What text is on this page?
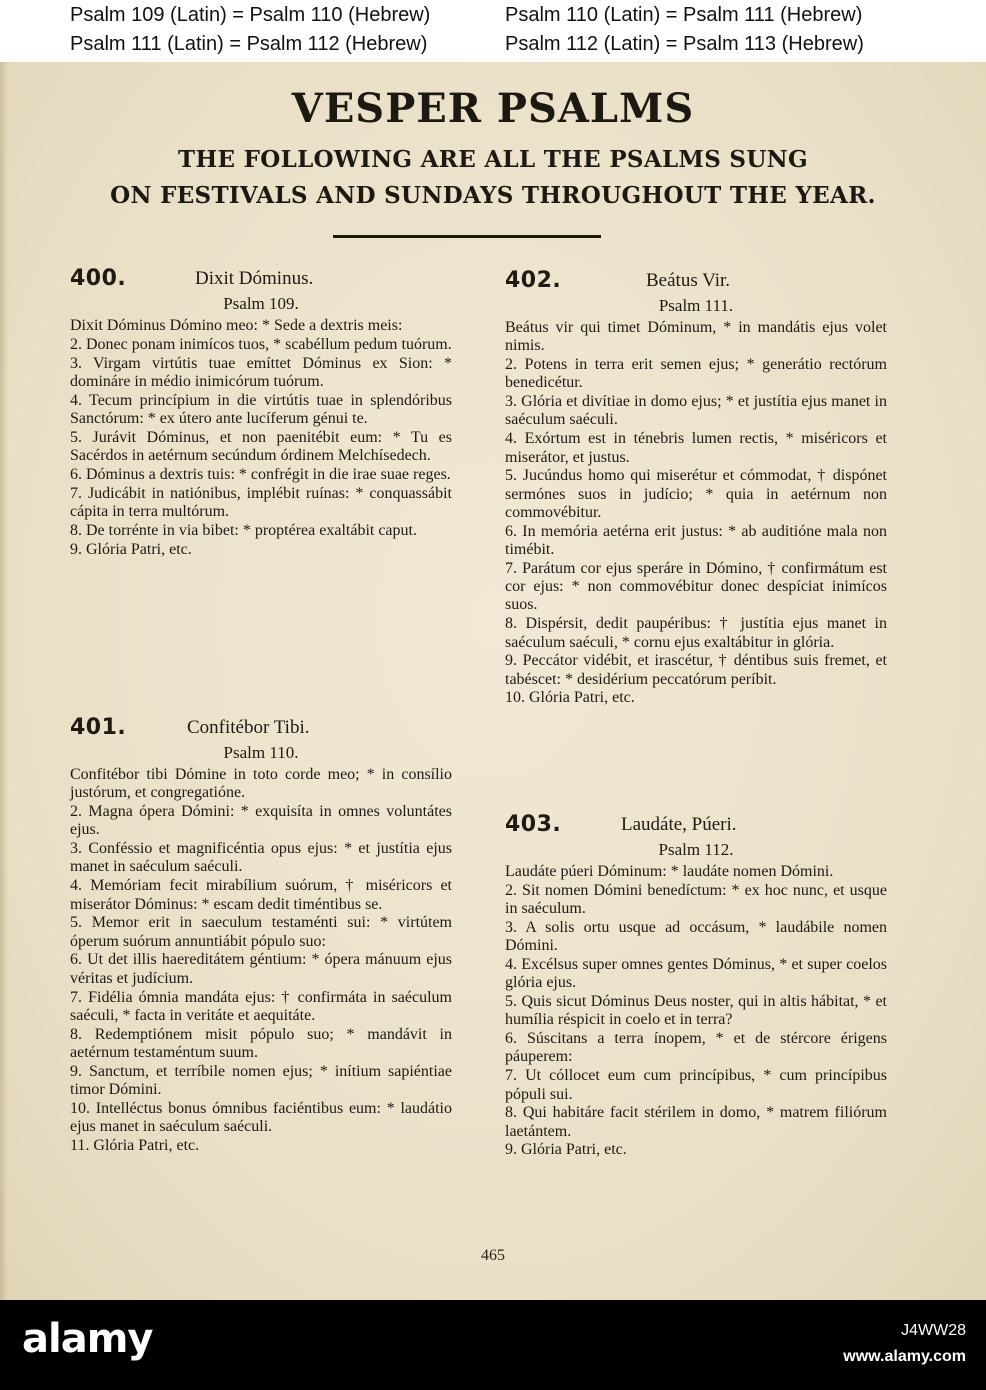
Psalm 109 (Latin) = Psalm 110 (Hebrew)	Psalm 110 (Latin) = Psalm 111 (Hebrew)
Psalm 111 (Latin) = Psalm 112 (Hebrew)	Psalm 112 (Latin) = Psalm 113 (Hebrew)
VESPER PSALMS
THE FOLLOWING ARE ALL THE PSALMS SUNG
ON FESTIVALS AND SUNDAYS THROUGHOUT THE YEAR.
400.	Dixit Dóminus.
Psalm 109.
Dixit Dóminus Dómino meo: * Sede a dextris meis:
2. Donec ponam inimícos tuos, * scabéllum pedum tuórum.
3. Virgam virtútis tuae emíttet Dóminus ex Sion: * domináre in médio inimicórum tuórum.
4. Tecum princípium in die virtútis tuae in splendóribus Sanctórum: * ex útero ante lucíferum génui te.
5. Jurávit Dóminus, et non paenitébit eum: * Tu es Sacérdos in aetérnum secúndum órdinem Melchísedech.
6. Dóminus a dextris tuis: * confrégit in die irae suae reges.
7. Judicábit in natiónibus, implébit ruínas: * conquassábit cápita in terra multórum.
8. De torrénte in via bibet: * proptérea exaltábit caput.
9. Glória Patri, etc.
401.	Confitébor Tibi.
Psalm 110.
Confitébor tibi Dómine in toto corde meo; * in consílio justórum, et congregatióne.
2. Magna ópera Dómini: * exquisíta in omnes voluntátes ejus.
3. Conféssio et magnificéntia opus ejus: * et justítia ejus manet in saéculum saéculi.
4. Memóriam fecit mirabílium suórum, † miséricors et miserátor Dóminus: * escam dedit timéntibus se.
5. Memor erit in saeculum testaménti sui: * virtútem óperum suórum annuntiábit pópulo suo:
6. Ut det illis haereditátem géntium: * ópera mánuum ejus véritas et judícium.
7. Fidélia ómnia mandáta ejus: † confirmáta in saéculum saéculi, * facta in veritáte et aequitáte.
8. Redemptiónem misit pópulo suo; * mandávit in aetérnum testaméntum suum.
9. Sanctum, et terríbile nomen ejus; * inítium sapiéntiae timor Dómini.
10. Intelléctus bonus ómnibus faciéntibus eum: * laudátio ejus manet in saéculum saéculi.
11. Glória Patri, etc.
402.	Beátus Vir.
Psalm 111.
Beátus vir qui timet Dóminum, * in mandátis ejus volet nimis.
2. Potens in terra erit semen ejus; * generátio rectórum benedicétur.
3. Glória et divítiae in domo ejus; * et justítia ejus manet in saéculum saéculi.
4. Exórtum est in ténebris lumen rectis, * miséricors et miserátor, et justus.
5. Jucúndus homo qui miserétur et cómmodat, † dispónet sermónes suos in judício; * quia in aetérnum non commovébitur.
6. In memória aetérna erit justus: * ab auditióne mala non timébit.
7. Parátum cor ejus speráre in Dómino, † confirmátum est cor ejus: * non commovébitur donec despíciat inimícos suos.
8. Dispérsit, dedit paupéribus: † justítia ejus manet in saéculum saéculi, * cornu ejus exaltábitur in glória.
9. Peccátor vidébit, et irascétur, † déntibus suis fremet, et tabéscet: * desidérium peccatórum períbit.
10. Glória Patri, etc.
403.	Laudáte, Púeri.
Psalm 112.
Laudáte púeri Dóminum: * laudáte nomen Dómini.
2. Sit nomen Dómini benedíctum: * ex hoc nunc, et usque in saéculum.
3. A solis ortu usque ad occásum, * laudábile nomen Dómini.
4. Excélsus super omnes gentes Dóminus, * et super coelos glória ejus.
5. Quis sicut Dóminus Deus noster, qui in altis hábitat, * et humília réspicit in coelo et in terra?
6. Súscitans a terra ínopem, * et de stércore érigens páuperem:
7. Ut cóllocet eum cum princípibus, * cum princípibus pópuli sui.
8. Qui habitáre facit stérilem in domo, * matrem filiórum laetántem.
9. Glória Patri, etc.
465
alamy	J4WW28
www.alamy.com
